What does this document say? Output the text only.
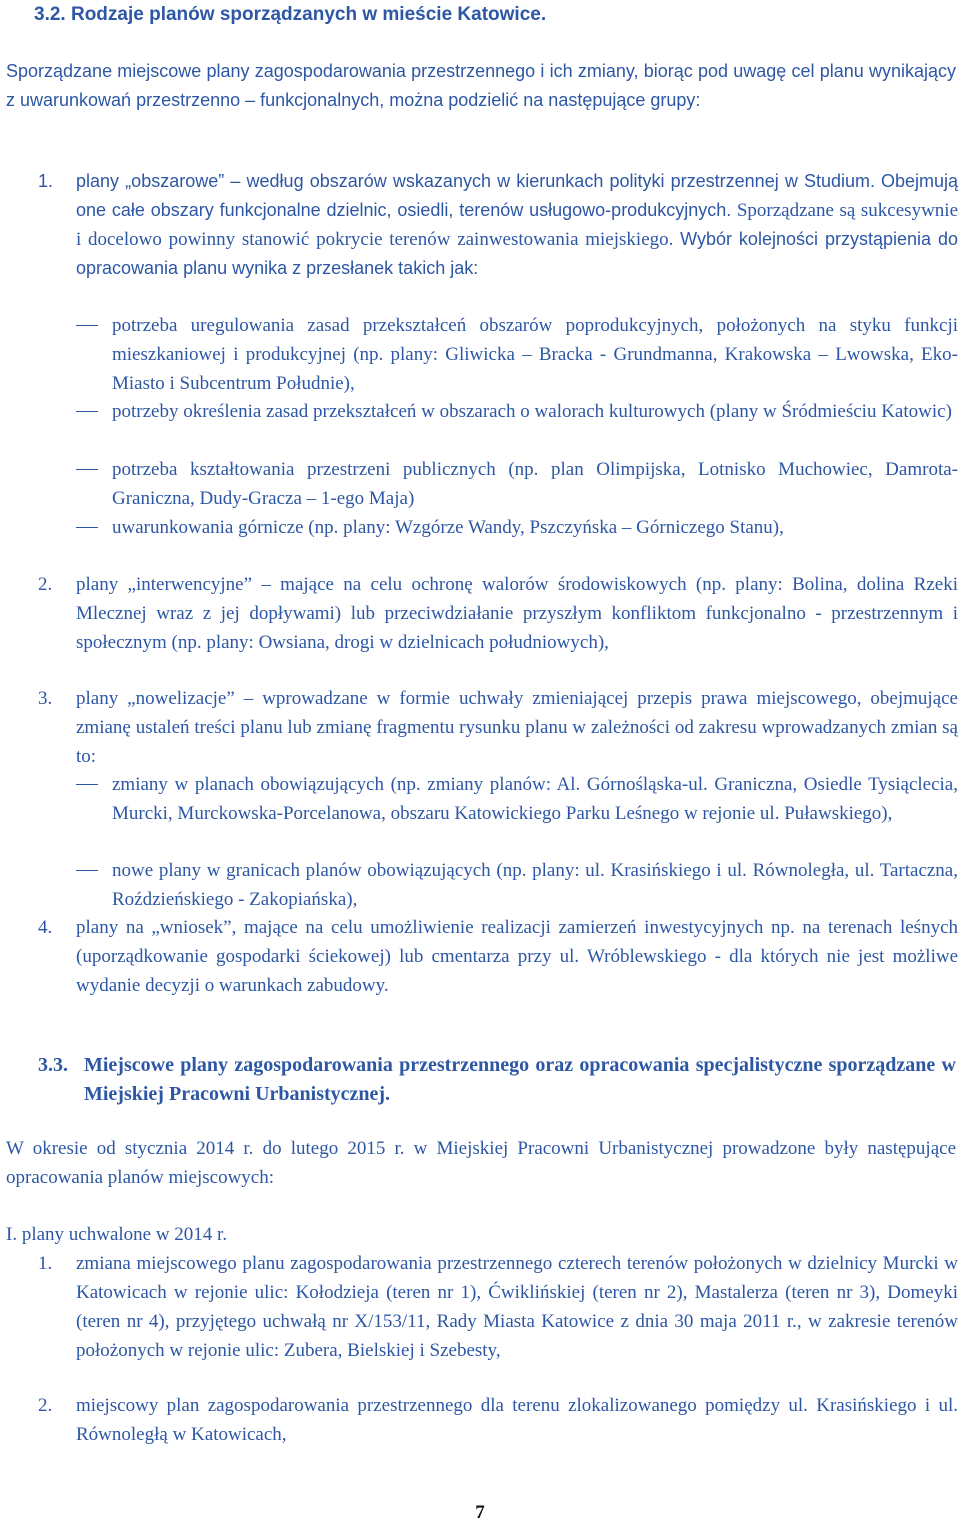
3.2. Rodzaje planów sporządzanych w mieście Katowice.
Sporządzane miejscowe plany zagospodarowania przestrzennego i ich zmiany, biorąc pod uwagę cel planu wynikający z uwarunkowań przestrzenno – funkcjonalnych, można podzielić na następujące grupy:
1. plany „obszarowe” – według obszarów wskazanych w kierunkach polityki przestrzennej w Studium. Obejmują one całe obszary funkcjonalne dzielnic, osiedli, terenów usługowo-produkcyjnych. Sporządzane są sukcesywnie i docelowo powinny stanowić pokrycie terenów zainwestowania miejskiego. Wybór kolejności przystąpienia do opracowania planu wynika z przesłanek takich jak:
potrzeba uregulowania zasad przekształceń obszarów poprodukcyjnych, położonych na styku funkcji mieszkaniowej i produkcyjnej (np. plany: Gliwicka – Bracka - Grundmanna, Krakowska – Lwowska, Eko-Miasto i Subcentrum Południe),
potrzeby określenia zasad przekształceń w obszarach o walorach kulturowych (plany w Śródmieściu Katowic)
potrzeba kształtowania przestrzeni publicznych (np. plan Olimpijska, Lotnisko Muchowiec, Damrota-Graniczna, Dudy-Gracza – 1-ego Maja)
uwarunkowania górnicze (np. plany: Wzgórze Wandy, Pszczyńska – Górniczego Stanu),
2. plany „interwencyjne” – mające na celu ochronę walorów środowiskowych (np. plany: Bolina, dolina Rzeki Mlecznej wraz z jej dopływami) lub przeciwdziałanie przyszłym konfliktom funkcjonalno - przestrzennym i społecznym (np. plany: Owsiana, drogi w dzielnicach południowych),
3. plany „nowelizacje” – wprowadzane w formie uchwały zmieniającej przepis prawa miejscowego, obejmujące zmianę ustaleń treści planu lub zmianę fragmentu rysunku planu w zależności od zakresu wprowadzanych zmian są to:
zmiany w planach obowiązujących (np. zmiany planów: Al. Górnośląska-ul. Graniczna, Osiedle Tysiąclecia, Murcki, Murckowska-Porcelanowa, obszaru Katowickiego Parku Leśnego w rejonie ul. Puławskiego),
nowe plany w granicach planów obowiązujących (np. plany: ul. Krasińskiego i ul. Równoległa, ul. Tartaczna, Roździeńskiego - Zakopiańska),
4. plany na „wniosek”, mające na celu umożliwienie realizacji zamierzeń inwestycyjnych np. na terenach leśnych (uporządkowanie gospodarki ściekowej) lub cmentarza przy ul. Wróblewskiego - dla których nie jest możliwe wydanie decyzji o warunkach zabudowy.
3.3. Miejscowe plany zagospodarowania przestrzennego oraz opracowania specjalistyczne sporządzane w Miejskiej Pracowni Urbanistycznej.
W okresie od stycznia 2014 r. do lutego 2015 r. w Miejskiej Pracowni Urbanistycznej prowadzone były następujące opracowania planów miejscowych:
I. plany uchwalone w 2014 r.
1. zmiana miejscowego planu zagospodarowania przestrzennego czterech terenów położonych w dzielnicy Murcki w Katowicach w rejonie ulic: Kołodzieja (teren nr 1), Ćwiklińskiej (teren nr 2), Mastalerza (teren nr 3), Domeyki (teren nr 4), przyjętego uchwałą nr X/153/11, Rady Miasta Katowice z dnia 30 maja 2011 r., w zakresie terenów położonych w rejonie ulic: Zubera, Bielskiej i Szebesty,
2. miejscowy plan zagospodarowania przestrzennego dla terenu zlokalizowanego pomiędzy ul. Krasińskiego i ul. Równoległą w Katowicach,
7
